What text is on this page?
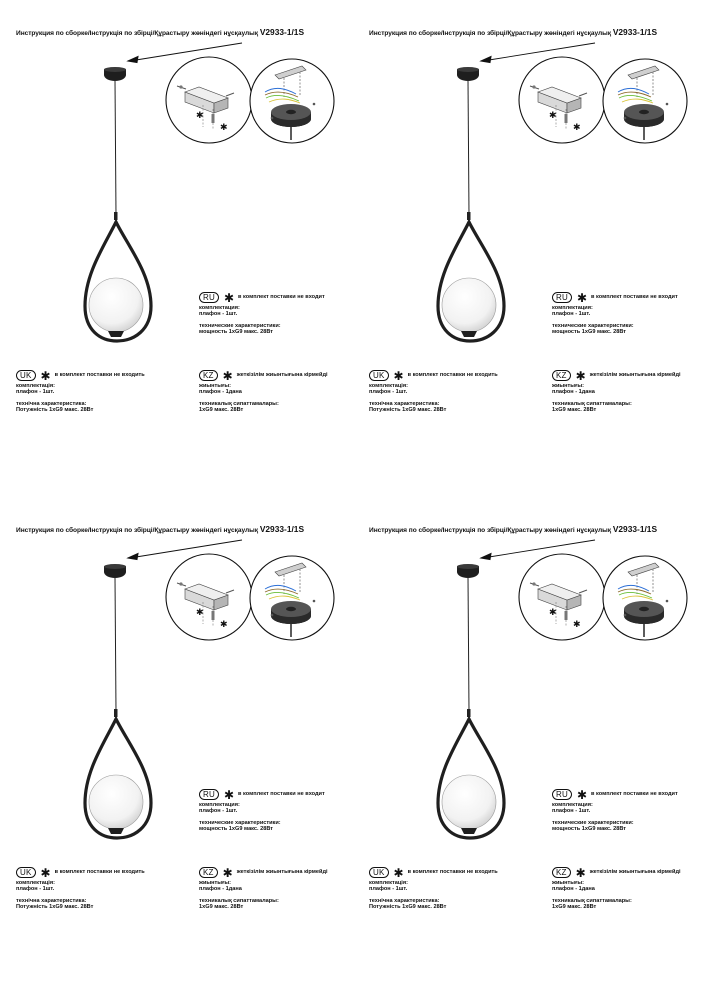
Инструкция по сборке/Інструкція по збірці/Құрастыру жөніндегі нұсқаулық V2933-1/1S
✱
✱
RU ✱ в комплект поставки не входит
комплектация:
плафон - 1шт.
технические характеристики:
мощность 1хG9 макс. 28Вт
UK ✱ в комплект поставки не входить
комплектація:
плафон - 1шт.
технічна характеристика:
Потужність 1хG9 макс. 28Вт
KZ ✱ жеткізілім жиынтығына кірмейді
жиынтығы:
плафон - 1дана
техникалық сипаттамалары:
1хG9 макс. 28Вт
Инструкция по сборке/Інструкція по збірці/Құрастыру жөніндегі нұсқаулық V2933-1/1S
✱
✱
RU ✱ в комплект поставки не входит
комплектация:
плафон - 1шт.
технические характеристики:
мощность 1хG9 макс. 28Вт
UK ✱ в комплект поставки не входить
комплектація:
плафон - 1шт.
технічна характеристика:
Потужність 1хG9 макс. 28Вт
KZ ✱ жеткізілім жиынтығына кірмейді
жиынтығы:
плафон - 1дана
техникалық сипаттамалары:
1хG9 макс. 28Вт
Инструкция по сборке/Інструкція по збірці/Құрастыру жөніндегі нұсқаулық V2933-1/1S
✱
✱
RU ✱ в комплект поставки не входит
комплектация:
плафон - 1шт.
технические характеристики:
мощность 1хG9 макс. 28Вт
UK ✱ в комплект поставки не входить
комплектація:
плафон - 1шт.
технічна характеристика:
Потужність 1хG9 макс. 28Вт
KZ ✱ жеткізілім жиынтығына кірмейді
жиынтығы:
плафон - 1дана
техникалық сипаттамалары:
1хG9 макс. 28Вт
Инструкция по сборке/Інструкція по збірці/Құрастыру жөніндегі нұсқаулық V2933-1/1S
✱
✱
RU ✱ в комплект поставки не входит
комплектация:
плафон - 1шт.
технические характеристики:
мощность 1хG9 макс. 28Вт
UK ✱ в комплект поставки не входить
комплектація:
плафон - 1шт.
технічна характеристика:
Потужність 1хG9 макс. 28Вт
KZ ✱ жеткізілім жиынтығына кірмейді
жиынтығы:
плафон - 1дана
техникалық сипаттамалары:
1хG9 макс. 28Вт
